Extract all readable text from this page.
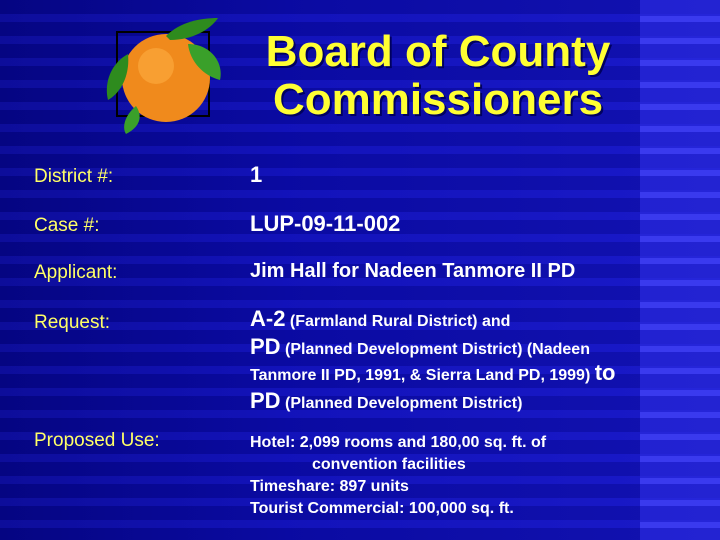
Board of County
Commissioners
District #:	1
Case #:	LUP-09-11-002
Applicant:	Jim Hall for Nadeen Tanmore II PD
Request:	A-2 (Farmland Rural District) and
PD (Planned Development District) (Nadeen
Tanmore II PD, 1991, & Sierra Land PD, 1999) to
PD (Planned Development District)
Proposed Use:	Hotel: 2,099 rooms and 180,00 sq. ft. of
convention facilities
Timeshare: 897 units
Tourist Commercial: 100,000 sq. ft.
